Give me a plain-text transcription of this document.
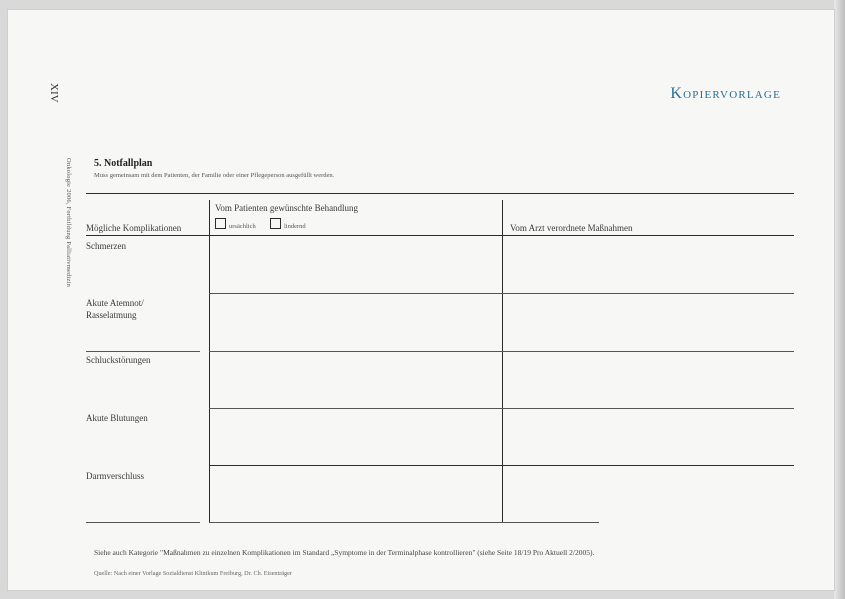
XIV
Onkologie 2006, Fortbildung Palliativmedizin
Kopiervorlage
5. Notfallplan
Muss gemeinsam mit dem Patienten, der Familie oder einer Pflegeperson ausgefüllt werden.
Vom Patienten gewünschte Behandlung
ursächlich	lindernd
Mögliche Komplikationen	Vom Arzt verordnete Maßnahmen
Schmerzen
Akute Atemnot/
Rasselatmung
Schluckstörungen
Akute Blutungen
Darmverschluss
Siehe auch Kategorie "Maßnahmen zu einzelnen Komplikationen im Standard „Symptome in der Terminalphase kontrollieren" (siehe Seite 18/19 Pro Aktuell 2/2005).
Quelle: Nach einer Vorlage Sozialdienst Klinikum Freiburg, Dr. Ch. Eisenträger
